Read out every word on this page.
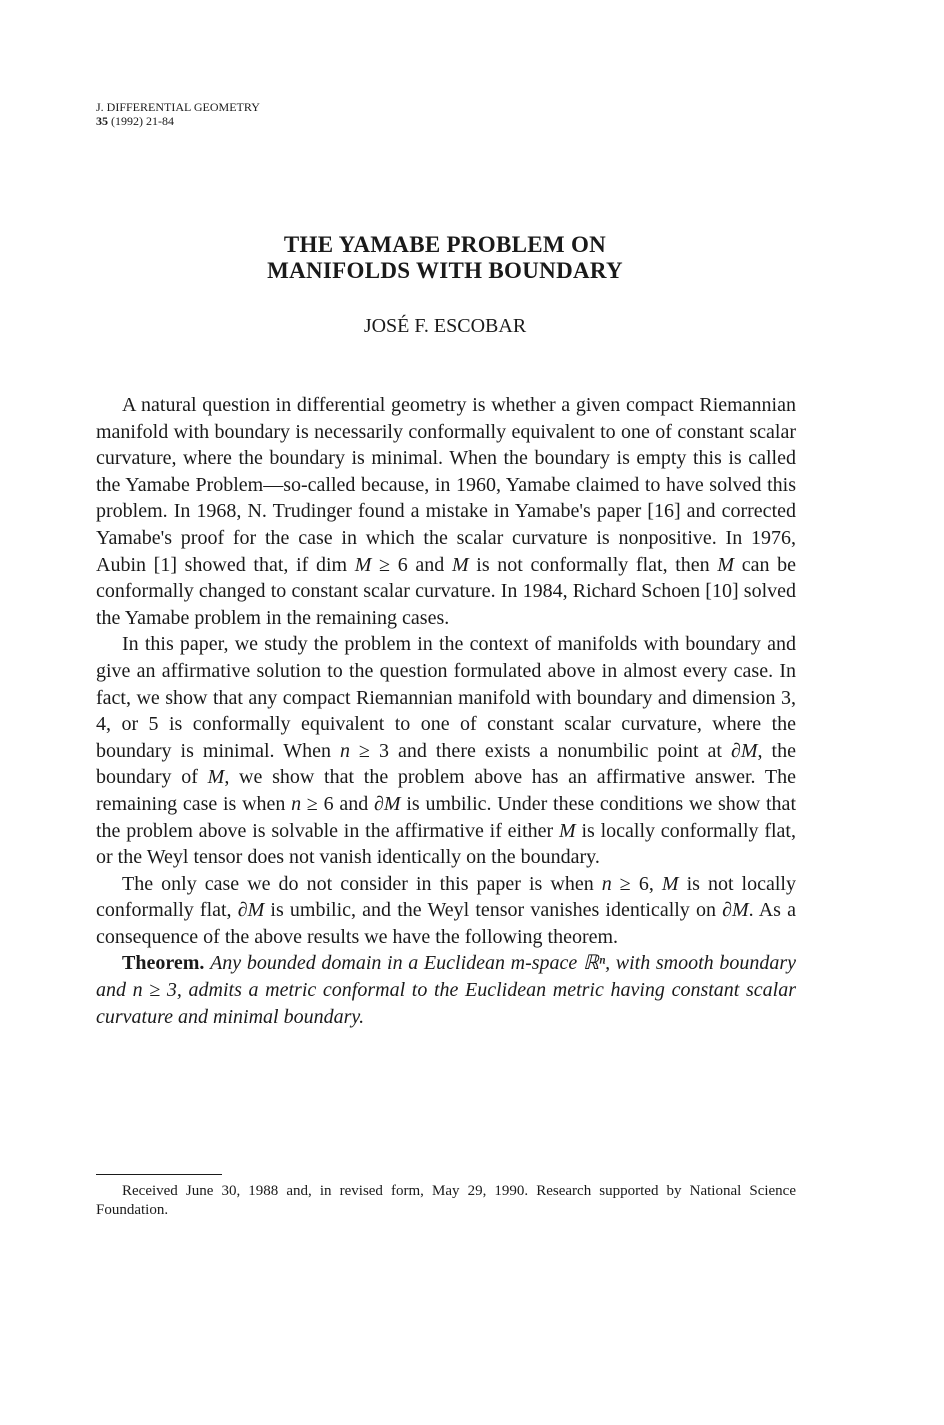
J. DIFFERENTIAL GEOMETRY
35 (1992) 21-84
THE YAMABE PROBLEM ON
MANIFOLDS WITH BOUNDARY
JOSÉ F. ESCOBAR

A natural question in differential geometry is whether a given compact Riemannian manifold with boundary is necessarily conformally equivalent to one of constant scalar curvature, where the boundary is minimal. When the boundary is empty this is called the Yamabe Problem—so-called because, in 1960, Yamabe claimed to have solved this problem. In 1968, N. Trudinger found a mistake in Yamabe's paper [16] and corrected Yamabe's proof for the case in which the scalar curvature is nonpositive. In 1976, Aubin [1] showed that, if dim M ≥ 6 and M is not conformally flat, then M can be conformally changed to constant scalar curvature. In 1984, Richard Schoen [10] solved the Yamabe problem in the remaining cases.

In this paper, we study the problem in the context of manifolds with boundary and give an affirmative solution to the question formulated above in almost every case. In fact, we show that any compact Riemannian manifold with boundary and dimension 3, 4, or 5 is conformally equivalent to one of constant scalar curvature, where the boundary is minimal. When n ≥ 3 and there exists a nonumbilic point at ∂M, the boundary of M, we show that the problem above has an affirmative answer. The remaining case is when n ≥ 6 and ∂M is umbilic. Under these conditions we show that the problem above is solvable in the affirmative if either M is locally conformally flat, or the Weyl tensor does not vanish identically on the boundary.

The only case we do not consider in this paper is when n ≥ 6, M is not locally conformally flat, ∂M is umbilic, and the Weyl tensor vanishes identically on ∂M. As a consequence of the above results we have the following theorem.

Theorem. Any bounded domain in a Euclidean m-space ℝⁿ, with smooth boundary and n ≥ 3, admits a metric conformal to the Euclidean metric having constant scalar curvature and minimal boundary.

Received June 30, 1988 and, in revised form, May 29, 1990. Research supported by National Science Foundation.
